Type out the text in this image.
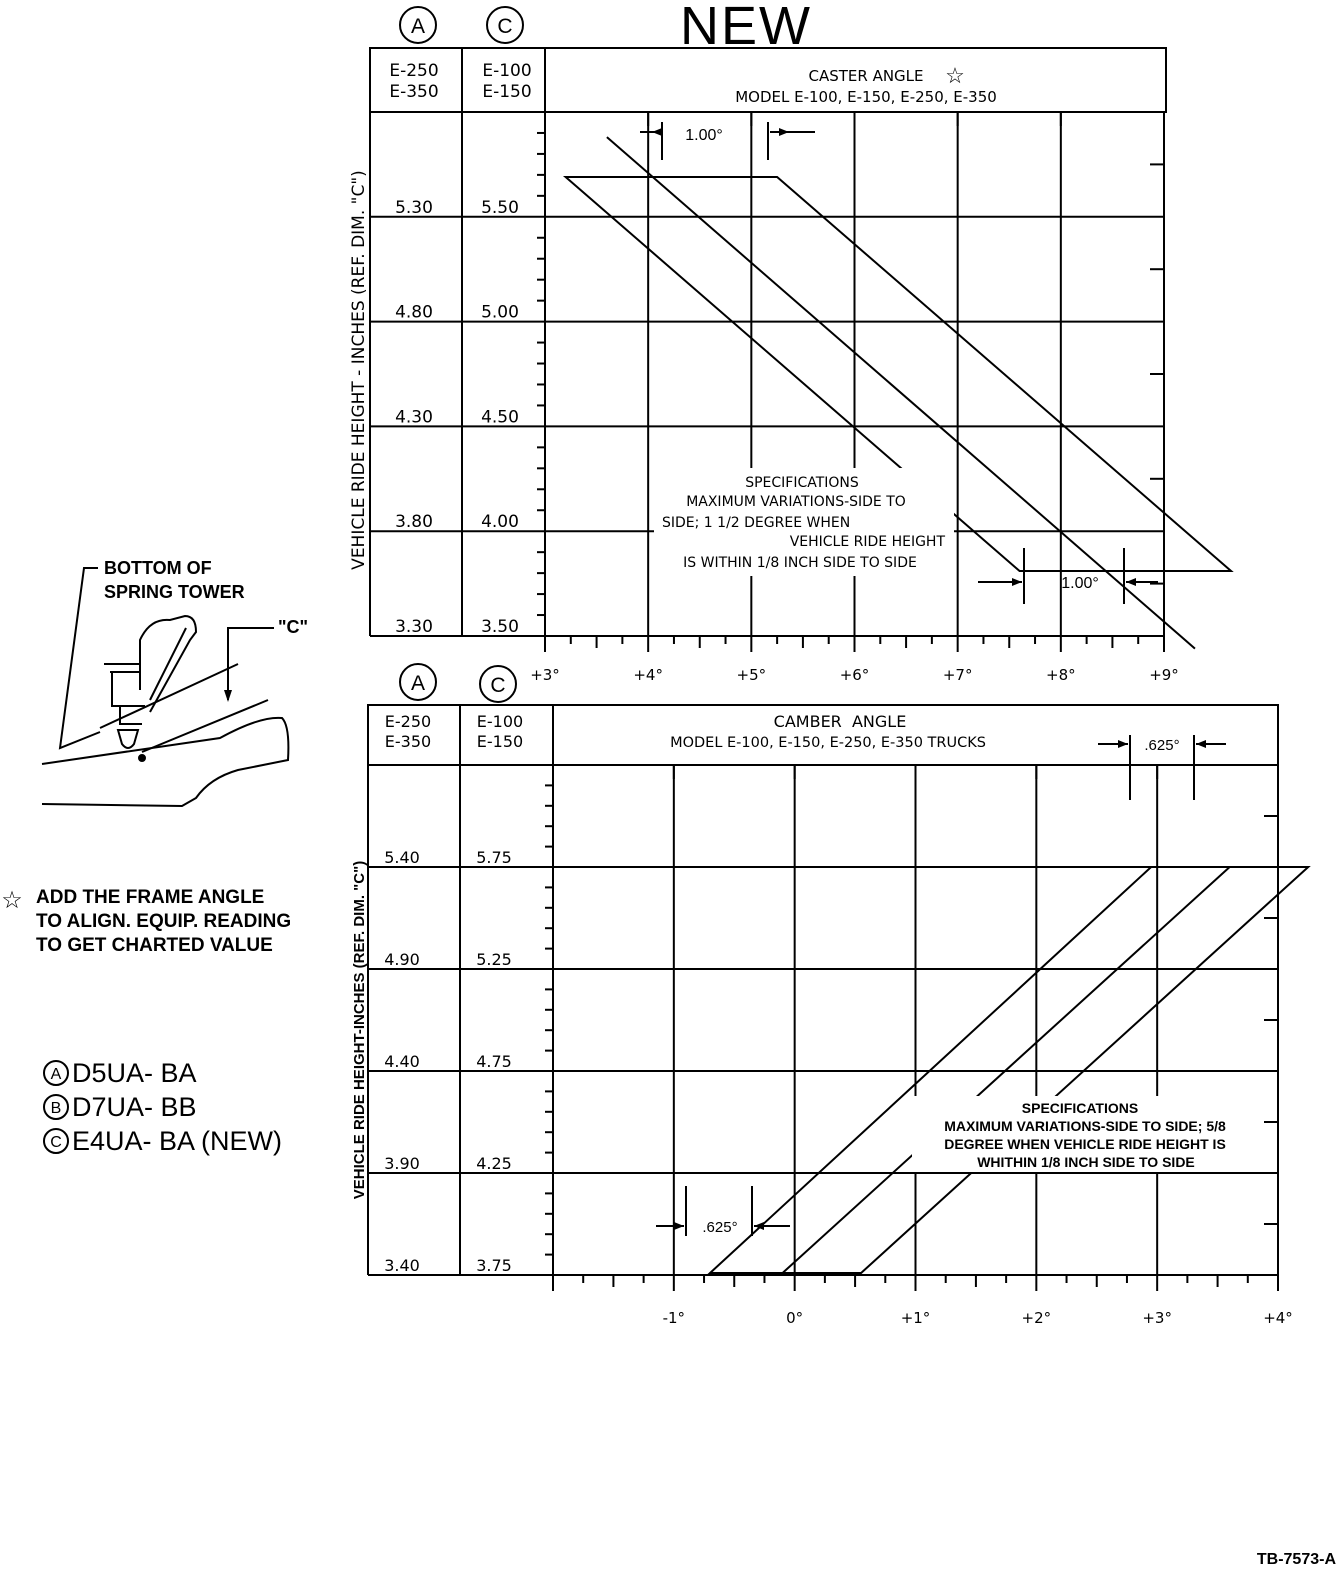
A	C	NEW
E-250
E-350
E-100
E-150
CASTER ANGLE ☆
MODEL E-100, E-150, E-250, E-350
5.30	5.50
4.80	5.00
4.30	4.50
3.80	4.00
3.30	3.50
+3°	+4°	+5°	+6°	+7°	+8°	+9°
VEHICLE RIDE HEIGHT - INCHES (REF. DIM. "C")
1.00°
1.00°
SPECIFICATIONS
MAXIMUM VARIATIONS-SIDE TO
SIDE; 1 1/2 DEGREE WHEN
VEHICLE RIDE HEIGHT
IS WITHIN 1/8 INCH SIDE TO SIDE
A	C
E-250
E-350
E-100
E-150
CAMBER  ANGLE
MODEL E-100, E-150, E-250, E-350 TRUCKS
5.40	5.75
4.90	5.25
4.40	4.75
3.90	4.25
3.40	3.75
-1°	0°	+1°	+2°	+3°	+4°
VEHICLE RIDE HEIGHT-INCHES (REF. DIM. "C")
.625°
.625°
SPECIFICATIONS
MAXIMUM VARIATIONS-SIDE TO SIDE; 5/8
DEGREE WHEN VEHICLE RIDE HEIGHT IS
WHITHIN 1/8 INCH SIDE TO SIDE
BOTTOM OF
SPRING TOWER
"C"
☆ ADD THE FRAME ANGLE
TO ALIGN. EQUIP. READING
TO GET CHARTED VALUE
A D5UA- BA
B D7UA- BB
C E4UA- BA (NEW)
TB-7573-A
